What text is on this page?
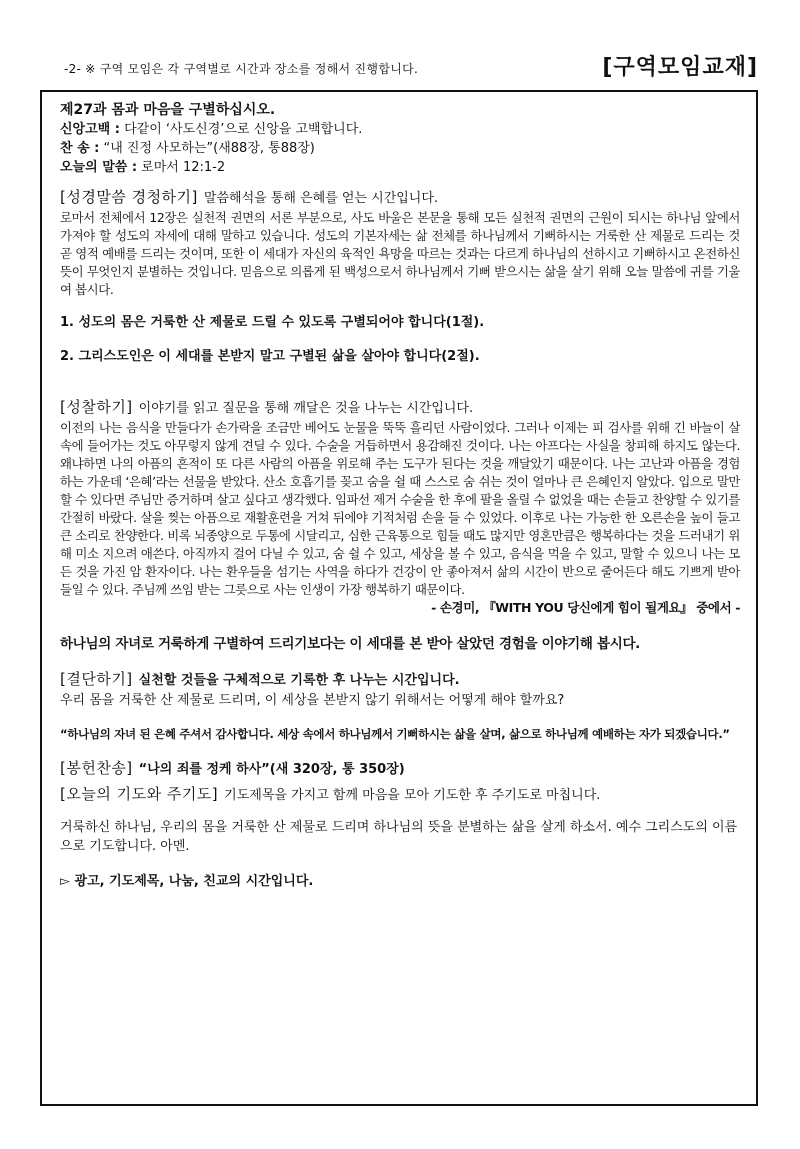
-2- ※ 구역 모임은 각 구역별로 시간과 장소를 정해서 진행합니다.	[구역모임교재]
제27과 몸과 마음을 구별하십시오.
신앙고백 : 다같이 ‘사도신경’으로 신앙을 고백합니다.
찬 송 : “내 진정 사모하는”(새88장, 통88장)
오늘의 말씀 : 로마서 12:1-2
[성경말씀 경청하기] 말씀해석을 통해 은혜를 얻는 시간입니다.
로마서 전체에서 12장은 실천적 권면의 서론 부분으로, 사도 바울은 본문을 통해 모든 실천적 권면의 근원이 되시는 하나님 앞에서 가져야 할 성도의 자세에 대해 말하고 있습니다. 성도의 기본자세는 삶 전체를 하나님께서 기뻐하시는 거룩한 산 제물로 드리는 것 곧 영적 예배를 드리는 것이며, 또한 이 세대가 자신의 육적인 욕망을 따르는 것과는 다르게 하나님의 선하시고 기뻐하시고 온전하신 뜻이 무엇인지 분별하는 것입니다. 믿음으로 의롭게 된 백성으로서 하나님께서 기뻐 받으시는 삶을 살기 위해 오늘 말씀에 귀를 기울여 봅시다.
1. 성도의 몸은 거룩한 산 제물로 드릴 수 있도록 구별되어야 합니다(1절).
2. 그리스도인은 이 세대를 본받지 말고 구별된 삶을 살아야 합니다(2절).
[성찰하기] 이야기를 읽고 질문을 통해 깨달은 것을 나누는 시간입니다.
이전의 나는 음식을 만들다가 손가락을 조금만 베어도 눈물을 뚝뚝 흘리던 사람이었다. 그러나 이제는 피 검사를 위해 긴 바늘이 살 속에 들어가는 것도 아무렇지 않게 견딜 수 있다. 수술을 거듭하면서 용감해진 것이다. 나는 아프다는 사실을 창피해 하지도 않는다. 왜냐하면 나의 아픔의 흔적이 또 다른 사람의 아픔을 위로해 주는 도구가 된다는 것을 깨달았기 때문이다. 나는 고난과 아픔을 경험하는 가운데 ‘은혜’라는 선물을 받았다. 산소 호흡기를 꽂고 숨을 쉴 때 스스로 숨 쉬는 것이 얼마나 큰 은혜인지 알았다. 입으로 말만 할 수 있다면 주님만 증거하며 살고 싶다고 생각했다. 임파선 제거 수술을 한 후에 팔을 올릴 수 없었을 때는 손들고 찬양할 수 있기를 간절히 바랐다. 살을 찢는 아픔으로 재활훈련을 거쳐 뒤에야 기적처럼 손을 들 수 있었다. 이후로 나는 가능한 한 오른손을 높이 들고 큰 소리로 찬양한다. 비록 뇌종양으로 두통에 시달리고, 심한 근육통으로 힘들 때도 많지만 영혼만큼은 행복하다는 것을 드러내기 위해 미소 지으려 애쓴다. 아직까지 걸어 다닐 수 있고, 숨 쉴 수 있고, 세상을 볼 수 있고, 음식을 먹을 수 있고, 말할 수 있으니 나는 모든 것을 가진 암 환자이다. 나는 환우들을 섬기는 사역을 하다가 건강이 안 좋아져서 삶의 시간이 반으로 줄어든다 해도 기쁘게 받아들일 수 있다. 주님께 쓰임 받는 그릇으로 사는 인생이 가장 행복하기 때문이다.
- 손경미, 『WITH YOU 당신에게 힘이 될게요』 중에서 -
하나님의 자녀로 거룩하게 구별하여 드리기보다는 이 세대를 본 받아 살았던 경험을 이야기해 봅시다.
[결단하기] 실천할 것들을 구체적으로 기록한 후 나누는 시간입니다.
우리 몸을 거룩한 산 제물로 드리며, 이 세상을 본받지 않기 위해서는 어떻게 해야 할까요?
“하나님의 자녀 된 은혜 주셔서 감사합니다. 세상 속에서 하나님께서 기뻐하시는 삶을 살며, 삶으로 하나님께 예배하는 자가 되겠습니다.”
[봉헌찬송] “나의 죄를 정케 하사”(새 320장, 통 350장)
[오늘의 기도와 주기도] 기도제목을 가지고 함께 마음을 모아 기도한 후 주기도로 마칩니다.
거룩하신 하나님, 우리의 몸을 거룩한 산 제물로 드리며 하나님의 뜻을 분별하는 삶을 살게 하소서. 예수 그리스도의 이름으로 기도합니다. 아멘.
▻ 광고, 기도제목, 나눔, 친교의 시간입니다.
